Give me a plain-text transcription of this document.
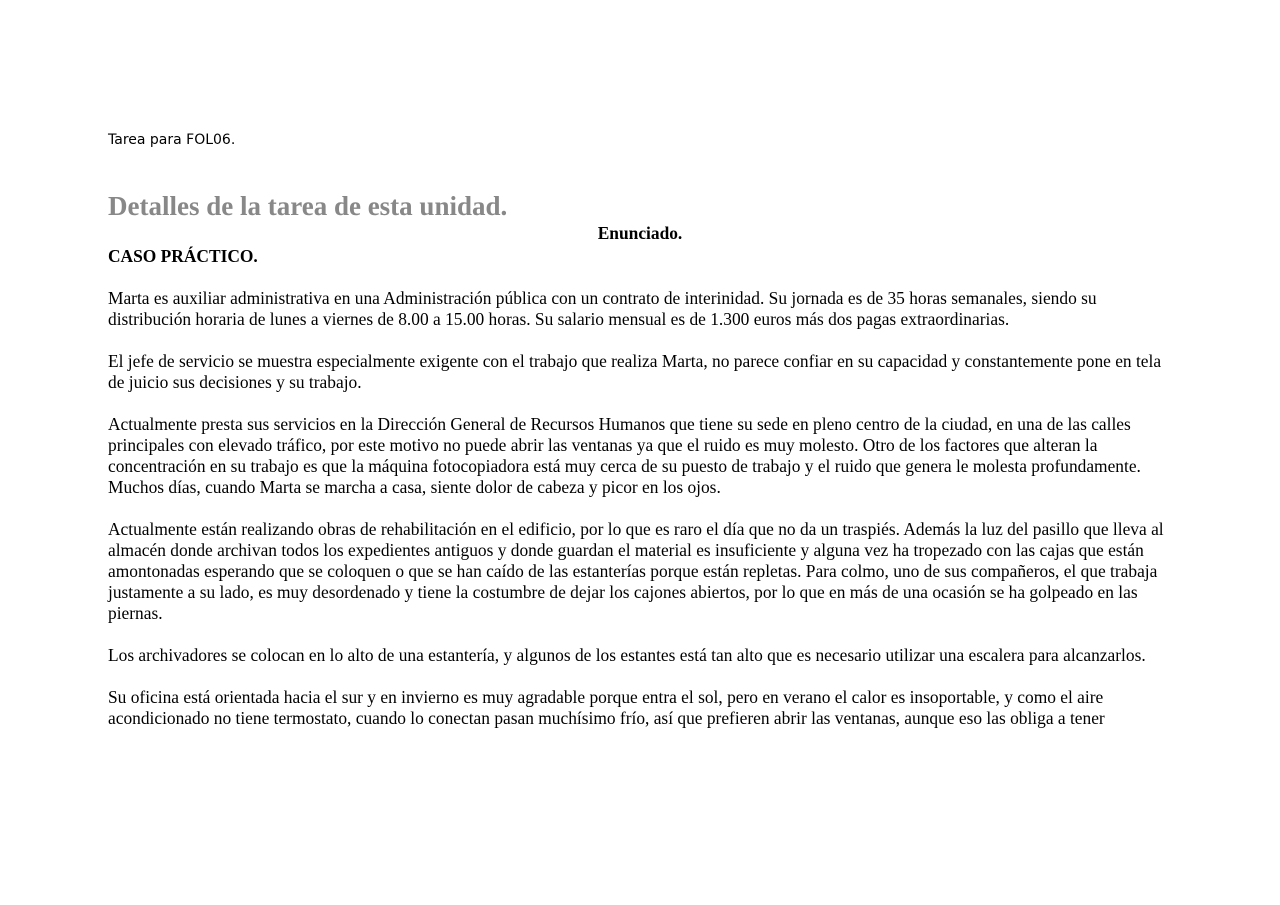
Tarea para FOL06.
Detalles de la tarea de esta unidad.

Enunciado.

CASO PRÁCTICO.

Marta es auxiliar administrativa en una Administración pública con un contrato de interinidad. Su jornada es de 35 horas semanales, siendo su distribución horaria de lunes a viernes de 8.00 a 15.00 horas. Su salario mensual es de 1.300 euros más dos pagas extraordinarias.

El jefe de servicio se muestra especialmente exigente con el trabajo que realiza Marta, no parece confiar en su capacidad y constantemente pone en tela de juicio sus decisiones y su trabajo.

Actualmente presta sus servicios en la Dirección General de Recursos Humanos que tiene su sede en pleno centro de la ciudad, en una de las calles principales con elevado tráfico, por este motivo no puede abrir las ventanas ya que el ruido es muy molesto. Otro de los factores que alteran la concentración en su trabajo es que la máquina fotocopiadora está muy cerca de su puesto de trabajo y el ruido que genera le molesta profundamente. Muchos días, cuando Marta se marcha a casa, siente dolor de cabeza y picor en los ojos.

Actualmente están realizando obras de rehabilitación en el edificio, por lo que es raro el día que no da un traspiés. Además la luz del pasillo que lleva al almacén donde archivan todos los expedientes antiguos y donde guardan el material es insuficiente y alguna vez ha tropezado con las cajas que están amontonadas esperando que se coloquen o que se han caído de las estanterías porque están repletas. Para colmo, uno de sus compañeros, el que trabaja justamente a su lado, es muy desordenado y tiene la costumbre de dejar los cajones abiertos, por lo que en más de una ocasión se ha golpeado en las piernas.

Los archivadores se colocan en lo alto de una estantería, y algunos de los estantes está tan alto que es necesario utilizar una escalera para alcanzarlos.

Su oficina está orientada hacia el sur y en invierno es muy agradable porque entra el sol, pero en verano el calor es insoportable, y como el aire acondicionado no tiene termostato, cuando lo conectan pasan muchísimo frío, así que prefieren abrir las ventanas, aunque eso las obliga a tener
